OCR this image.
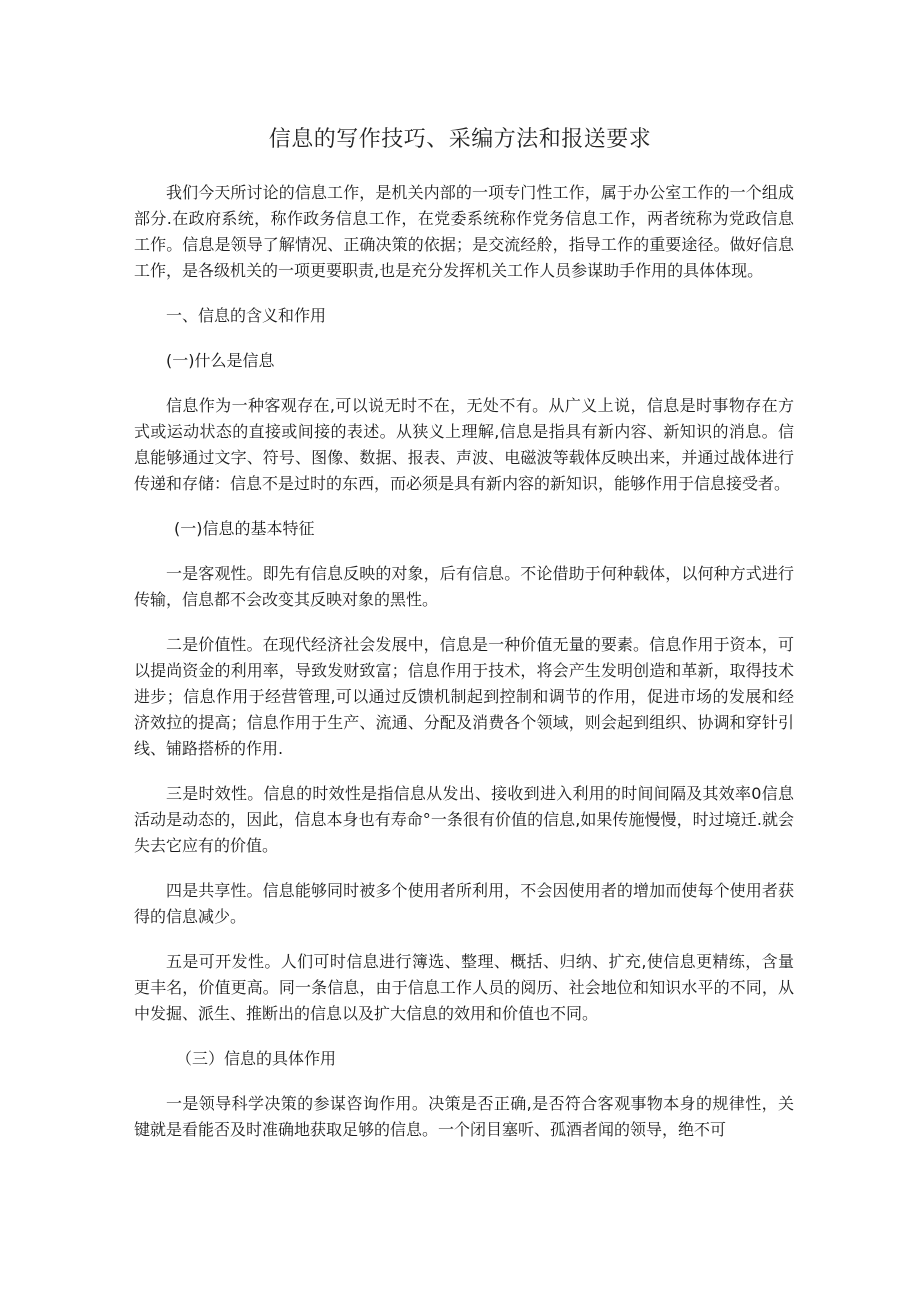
信息的写作技巧、采编方法和报送要求

我们今天所讨论的信息工作，是机关内部的一项专门性工作，属于办公室工作的一个组成部分.在政府系统，称作政务信息工作，在党委系统称作党务信息工作，两者统称为党政信息工作。信息是领导了解情况、正确决策的依据；是交流经舲，指导工作的重要途径。做好信息工作，是各级机关的一项更要职责,也是充分发挥机关工作人员参谋助手作用的具体体现。

一、信息的含义和作用

(一)什么是信息

信息作为一种客观存在,可以说无时不在，无处不有。从广义上说，信息是时事物存在方式或运动状态的直接或间接的表述。从狭义上理解,信息是指具有新内容、新知识的消息。信息能够通过文字、符号、图像、数据、报表、声波、电磁波等载体反映出来，并通过战体进行传递和存储：信息不是过时的东西，而必须是具有新内容的新知识，能够作用于信息接受者。

(一)信息的基本特征

一是客观性。即先有信息反映的对象，后有信息。不论借助于何种载体，以何种方式进行传输，信息都不会改变其反映对象的黑性。

二是价值性。在现代经济社会发展中，信息是一种价值无量的要素。信息作用于资本，可以提尚资金的利用率，导致发财致富；信息作用于技术，将会产生发明创造和革新，取得技术进步；信息作用于经营管理,可以通过反馈机制起到控制和调节的作用，促进市场的发展和经济效拉的提高；信息作用于生产、流通、分配及消费各个领域，则会起到组织、协调和穿针引线、铺路搭桥的作用.

三是时效性。信息的时效性是指信息从发出、接收到进入利用的时间间隔及其效率0信息活动是动态的，因此，信息本身也有寿命°一条很有价值的信息,如果传施慢慢，时过境迁.就会失去它应有的价值。

四是共享性。信息能够同时被多个使用者所利用，不会因使用者的增加而使每个使用者获得的信息减少。

五是可开发性。人们可时信息进行簿选、整理、概括、归纳、扩充,使信息更精练，含量更丰名，价值更高。同一条信息，由于信息工作人员的阅历、社会地位和知识水平的不同，从中发掘、派生、推断出的信息以及扩大信息的效用和价值也不同。

（三）信息的具体作用

一是领导科学决策的参谋咨询作用。决策是否正确,是否符合客观事物本身的规律性，关键就是看能否及时准确地获取足够的信息。一个闭目塞听、孤酒者闻的领导，绝不可
